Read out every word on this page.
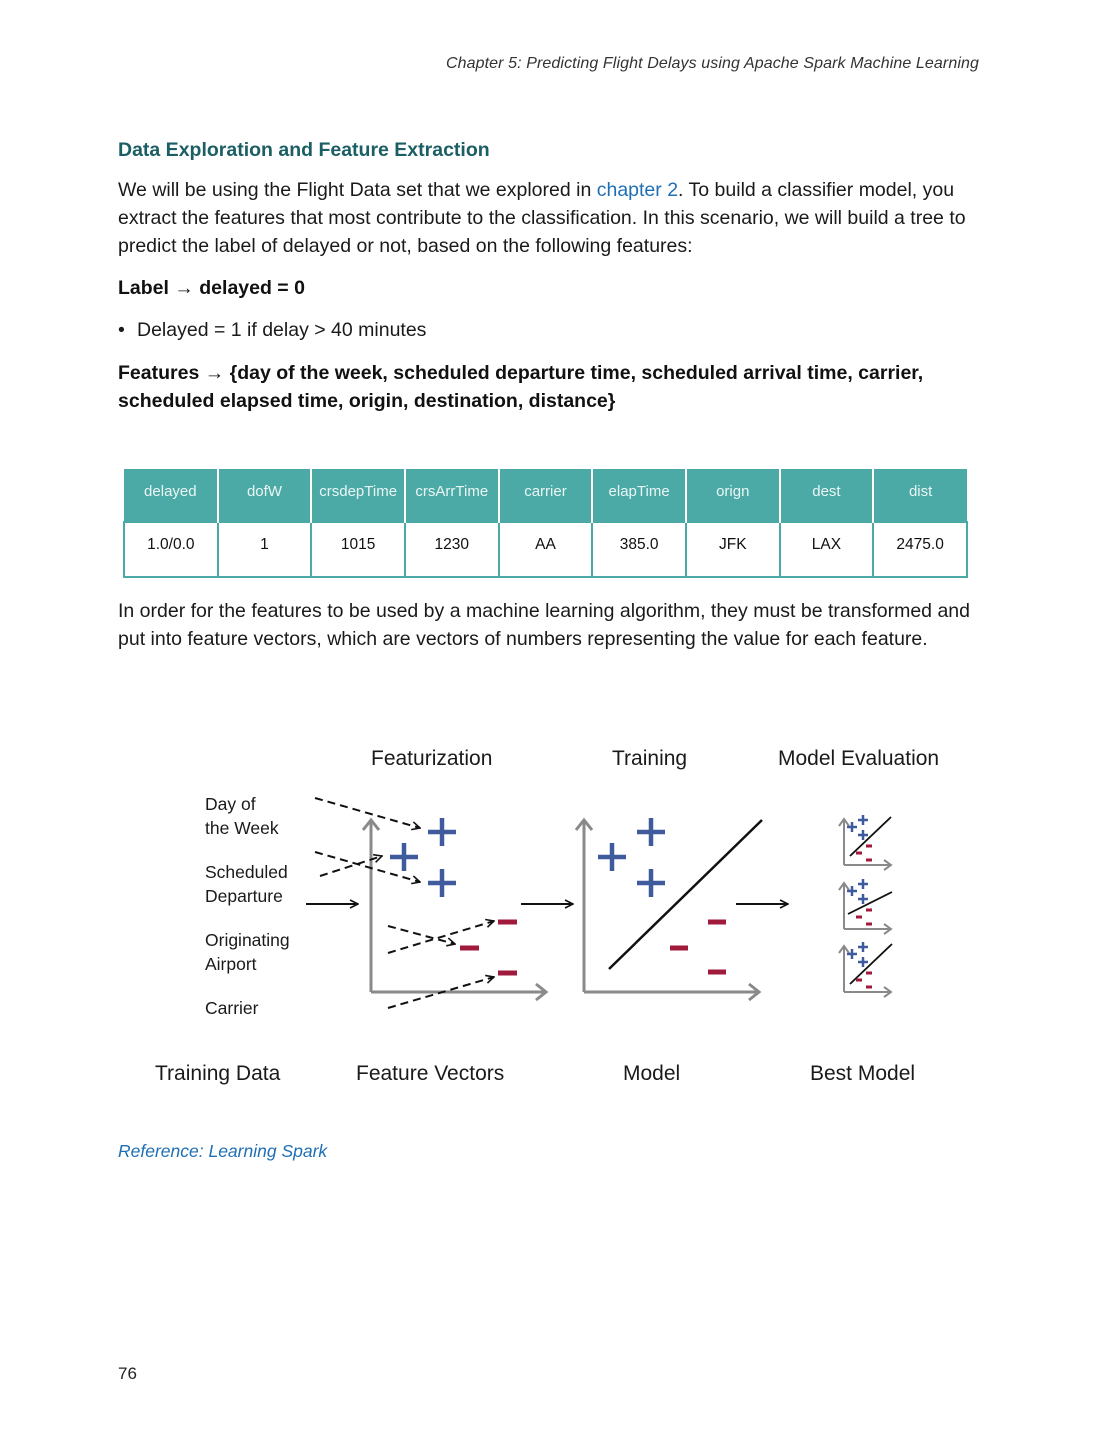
Chapter 5: Predicting Flight Delays using Apache Spark Machine Learning
Data Exploration and Feature Extraction
We will be using the Flight Data set that we explored in chapter 2. To build a classifier model, you extract the features that most contribute to the classification. In this scenario, we will build a tree to predict the label of delayed or not, based on the following features:
Label → delayed = 0
• Delayed = 1 if delay > 40 minutes
Features → {day of the week, scheduled departure time, scheduled arrival time, carrier, scheduled elapsed time, origin, destination, distance}
delayed	dofW	crsdepTime	crsArrTime	carrier	elapTime	orign	dest	dist
1.0/0.0	1	1015	1230	AA	385.0	JFK	LAX	2475.0
In order for the features to be used by a machine learning algorithm, they must be transformed and put into feature vectors, which are vectors of numbers representing the value for each feature.
Featurization	Training	Model Evaluation
Day of
the Week
Scheduled
Departure
Originating
Airport
Carrier
Training Data	Feature Vectors	Model	Best Model
Reference: Learning Spark
76
